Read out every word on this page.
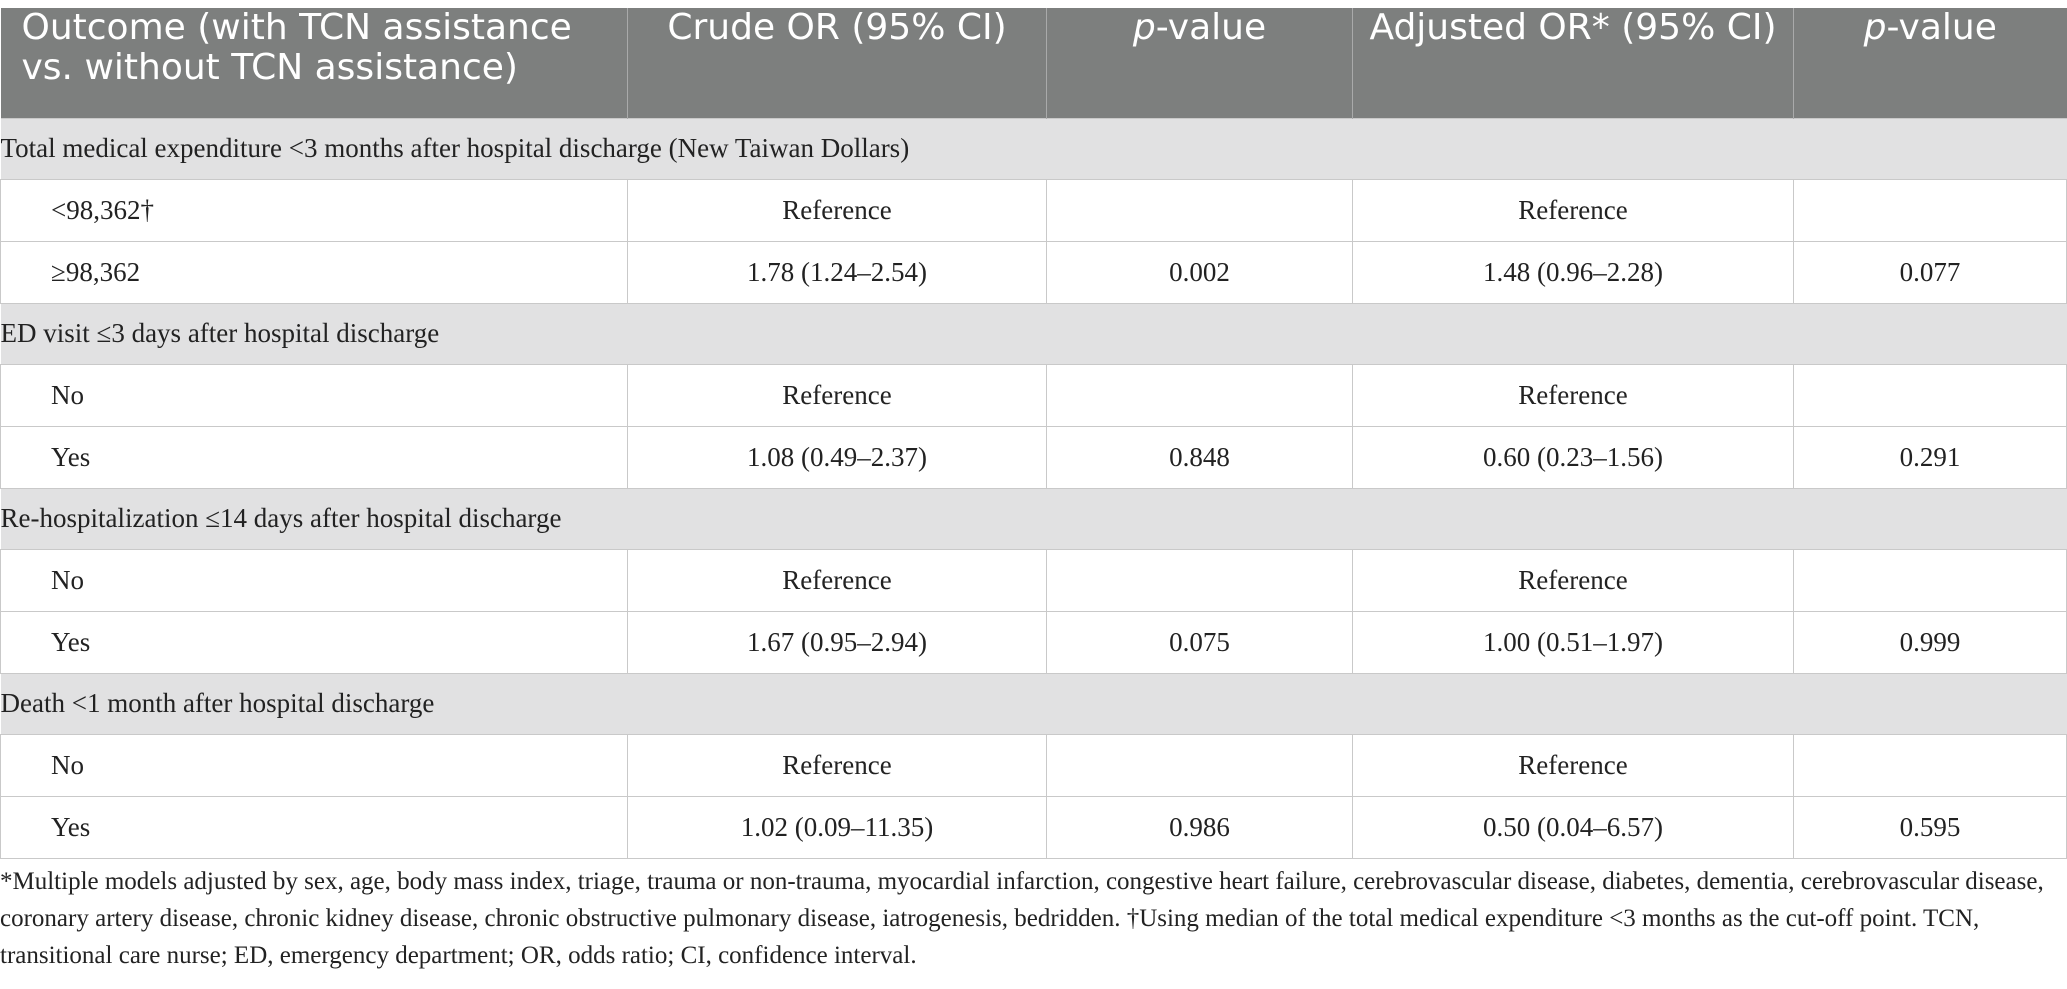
Outcome (with TCN assistance
vs. without TCN assistance)	Crude OR (95% CI)	p-value	Adjusted OR* (95% CI)	p-value
Total medical expenditure <3 months after hospital discharge (New Taiwan Dollars)				
<98,362†	Reference		Reference	
≥98,362	1.78 (1.24–2.54)	0.002	1.48 (0.96–2.28)	0.077
ED visit ≤3 days after hospital discharge				
No	Reference		Reference	
Yes	1.08 (0.49–2.37)	0.848	0.60 (0.23–1.56)	0.291
Re-hospitalization ≤14 days after hospital discharge				
No	Reference		Reference	
Yes	1.67 (0.95–2.94)	0.075	1.00 (0.51–1.97)	0.999
Death <1 month after hospital discharge				
No	Reference		Reference	
Yes	1.02 (0.09–11.35)	0.986	0.50 (0.04–6.57)	0.595

*Multiple models adjusted by sex, age, body mass index, triage, trauma or non-trauma, myocardial infarction, congestive heart failure, cerebrovascular disease, diabetes, dementia, cerebrovascular disease, coronary artery disease, chronic kidney disease, chronic obstructive pulmonary disease, iatrogenesis, bedridden. †Using median of the total medical expenditure <3 months as the cut-off point. TCN, transitional care nurse; ED, emergency department; OR, odds ratio; CI, confidence interval.
